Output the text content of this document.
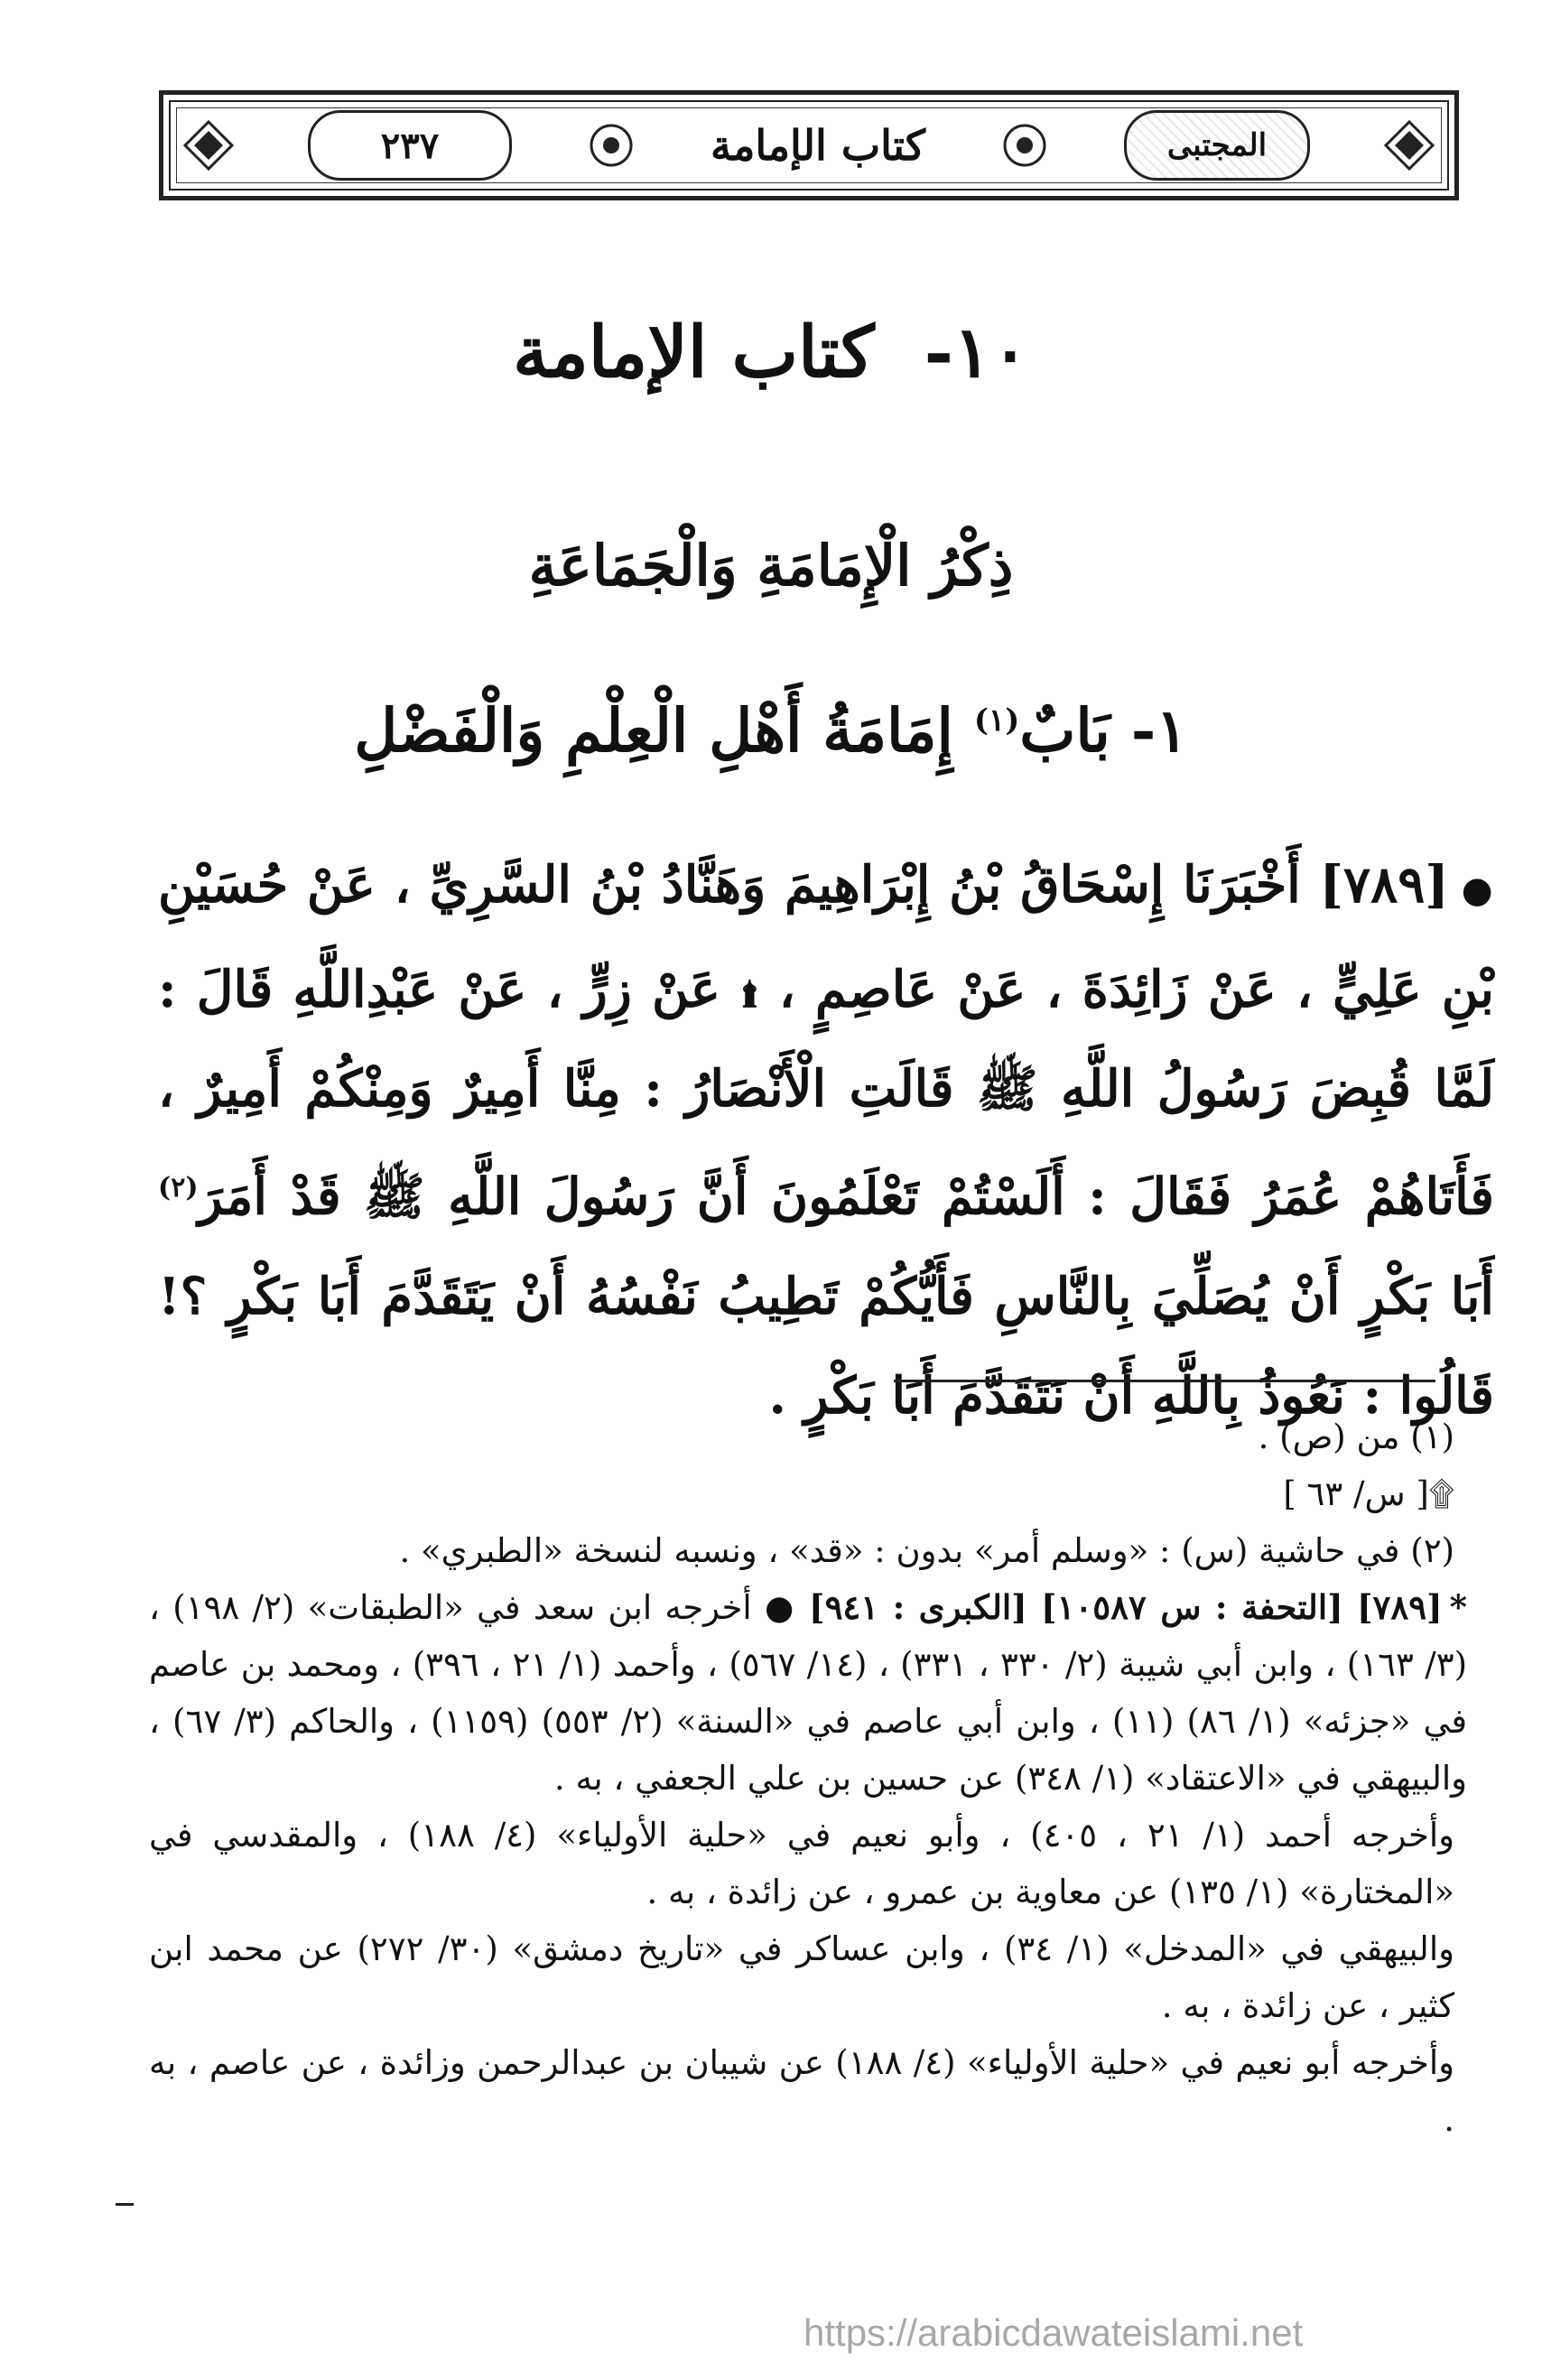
٢٣٧	كتاب الإمامة	المجتبى
١٠- كتاب الإمامة
ذِكْرُ الْإِمَامَةِ وَالْجَمَاعَةِ
١- بَابٌ$^{(١)}$ إِمَامَةُ أَهْلِ الْعِلْمِ وَالْفَضْلِ
●[٧٨٩] أَخْبَرَنَا إِسْحَاقُ بْنُ إِبْرَاهِيمَ وَهَنَّادُ بْنُ السَّرِيِّ ، عَنْ حُسَيْنِ بْنِ عَلِيٍّ ، عَنْ زَائِدَةَ ، عَنْ عَاصِمٍ ، ۩ عَنْ زِرٍّ ، عَنْ عَبْدِاللَّهِ قَالَ : لَمَّا قُبِضَ رَسُولُ اللَّهِ ﷺ قَالَتِ الْأَنْصَارُ : مِنَّا أَمِيرٌ وَمِنْكُمْ أَمِيرٌ ، فَأَتَاهُمْ عُمَرُ فَقَالَ : أَلَسْتُمْ تَعْلَمُونَ أَنَّ رَسُولَ اللَّهِ ﷺ قَدْ أَمَرَ$^{(٢)}$ أَبَا بَكْرٍ أَنْ يُصَلِّيَ بِالنَّاسِ فَأَيُّكُمْ تَطِيبُ نَفْسُهُ أَنْ يَتَقَدَّمَ أَبَا بَكْرٍ ؟! قَالُوا : نَعُوذُ بِاللَّهِ أَنْ نَتَقَدَّمَ أَبَا بَكْرٍ .

(١) من (ص) .

۩[ س/ ٦٣ ]

(٢) في حاشية (س) : «وسلم أمر» بدون : «قد» ، ونسبه لنسخة «الطبري» .

*[٧٨٩] [التحفة : س ١٠٥٨٧] [الكبرى : ٩٤١] ● أخرجه ابن سعد في «الطبقات» (٢/ ١٩٨) ، (٣/ ١٦٣) ، وابن أبي شيبة (٢/ ٣٣٠ ، ٣٣١) ، (١٤/ ٥٦٧) ، وأحمد (١/ ٢١ ، ٣٩٦) ، ومحمد بن عاصم في «جزئه» (١/ ٨٦) (١١) ، وابن أبي عاصم في «السنة» (٢/ ٥٥٣) (١١٥٩) ، والحاكم (٣/ ٦٧) ، والبيهقي في «الاعتقاد» (١/ ٣٤٨) عن حسين بن علي الجعفي ، به .

وأخرجه أحمد (١/ ٢١ ، ٤٠٥) ، وأبو نعيم في «حلية الأولياء» (٤/ ١٨٨) ، والمقدسي في «المختارة» (١/ ١٣٥) عن معاوية بن عمرو ، عن زائدة ، به .

والبيهقي في «المدخل» (١/ ٣٤) ، وابن عساكر في «تاريخ دمشق» (٣٠/ ٢٧٢) عن محمد ابن كثير ، عن زائدة ، به .

وأخرجه أبو نعيم في «حلية الأولياء» (٤/ ١٨٨) عن شيبان بن عبدالرحمن وزائدة ، عن عاصم ، به .

https://arabicdawateislami.net
